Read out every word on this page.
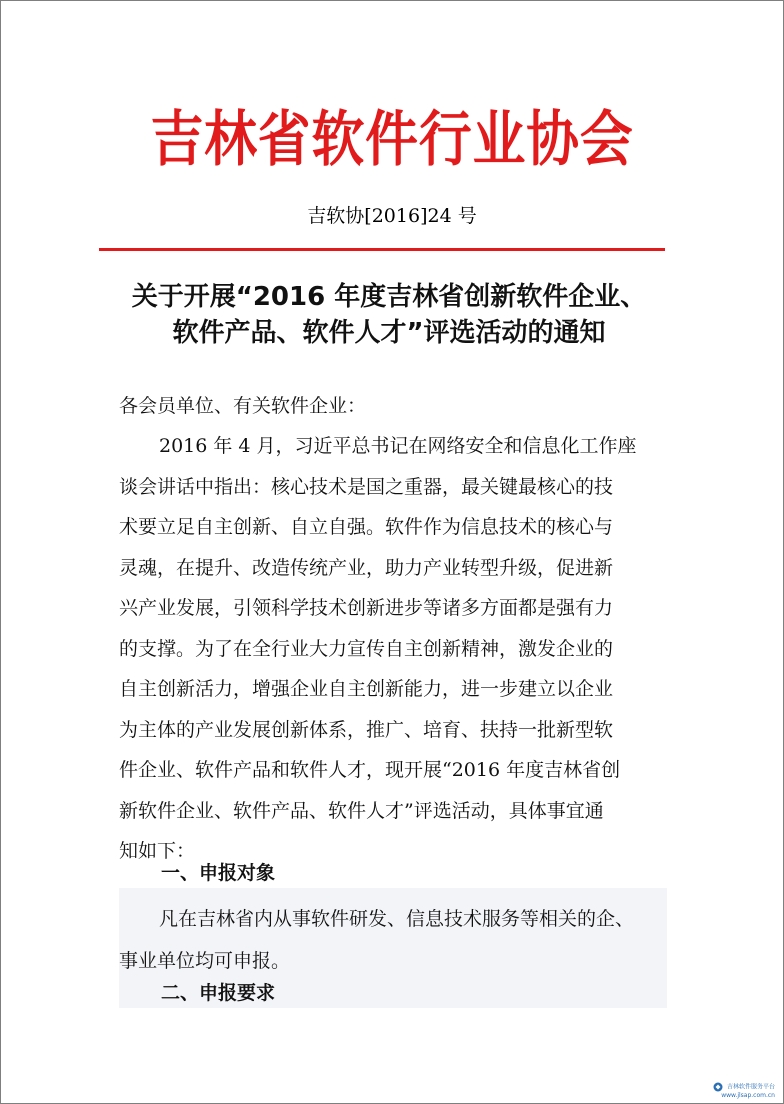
吉林省软件行业协会
吉软协[2016]24 号
关于开展“2016 年度吉林省创新软件企业、
软件产品、软件人才”评选活动的通知
各会员单位、有关软件企业：
2016 年 4 月，习近平总书记在网络安全和信息化工作座
谈会讲话中指出：核心技术是国之重器，最关键最核心的技
术要立足自主创新、自立自强。软件作为信息技术的核心与
灵魂，在提升、改造传统产业，助力产业转型升级，促进新
兴产业发展，引领科学技术创新进步等诸多方面都是强有力
的支撑。为了在全行业大力宣传自主创新精神，激发企业的
自主创新活力，增强企业自主创新能力，进一步建立以企业
为主体的产业发展创新体系，推广、培育、扶持一批新型软
件企业、软件产品和软件人才，现开展“2016 年度吉林省创
新软件企业、软件产品、软件人才”评选活动，具体事宜通
知如下：
一、申报对象
凡在吉林省内从事软件研发、信息技术服务等相关的企、
事业单位均可申报。
二、申报要求
吉林软件服务平台
www.jlsap.com.cn
